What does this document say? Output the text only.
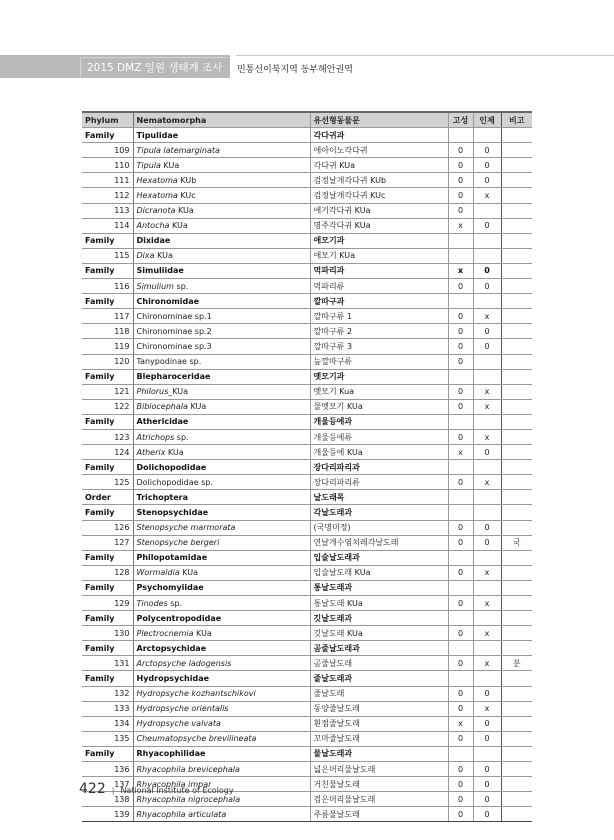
2015 DMZ 일원 생태계 조사	민통선이북지역 동부해안권역
Phylum	Nematomorpha	유선형동물문	고성	인제	비고
Family	Tipulidae	각다귀과			
109	Tipula latemarginata	애아이노각다귀	0	0	
110	Tipula KUa	각다귀 KUa	0	0	
111	Hexatoma KUb	검정날개각다귀 KUb	0	0	
112	Hexatoma KUc	검정날개각다귀 KUc	0	x	
113	Dicranota KUa	애기각다귀 KUa	0		
114	Antocha KUa	명주각다귀 KUa	x	0	
Family	Dixidae	애모기과			
115	Dixa KUa	애모기 KUa			
Family	Simuliidae	먹파리과	x	0	
116	Simulium sp.	먹파리류	0	0	
Family	Chironomidae	깔따구과			
117	Chironominae sp.1	깔따구류 1	0	x	
118	Chironominae sp.2	깔따구류 2	0	0	
119	Chironominae sp.3	깔따구류 3	0	0	
120	Tanypodinae sp.	늪깔따구류	0		
Family	Blepharoceridae	멧모기과			
121	Philorus_KUa	멧모기 Kua	0	x	
122	Bibiocephala KUa	물멧모기 KUa	0	x	
Family	Athericidae	개울등에과			
123	Atrichops sp.	개울등에류	0	x	
124	Atherix KUa	개울등에 KUa	x	0	
Family	Dolichopodidae	장다리파리과			
125	Dolichopodidae sp.	장다리파리류	0	x	
Order	Trichoptera	날도래목			
Family	Stenopsychidae	각날도래과			
126	Stenopsyche marmorata	(국명미정)	0	0	
127	Stenopsyche bergeri	연날개수염치레각날도래	0	0	국
Family	Philopotamidae	입술날도래과			
128	Wormaldia KUa	입술날도래 KUa	0	x	
Family	Psychomyiidae	통날도래과			
129	Tinodes sp.	통날도래 KUa	0	x	
Family	Polycentropodidae	깃날도래과			
130	Plectrocnemia KUa	깃날도래 KUa	0	x	
Family	Arctopsychidae	곰줄날도래과			
131	Arctopsyche ladogensis	곰줄날도래	0	x	분
Family	Hydropsychidae	줄날도래과			
132	Hydropsyche kozhantschikovi	줄날도래	0	0	
133	Hydropsyche orientalis	동양줄날도래	0	x	
134	Hydropsyche valvata	흰점줄날도래	x	0	
135	Cheumatopsyche brevilineata	꼬마줄날도래	0	0	
Family	Rhyacophilidae	물날도래과			
136	Rhyacophila brevicephala	넓은머리물날도래	0	0	
137	Rhyacophila impar	거친물날도래	0	0	
138	Rhyacophila nigrocephala	검은머리물날도래	0	0	
139	Rhyacophila articulata	주름물날도래	0	0	
422 | National Institute of Ecology
